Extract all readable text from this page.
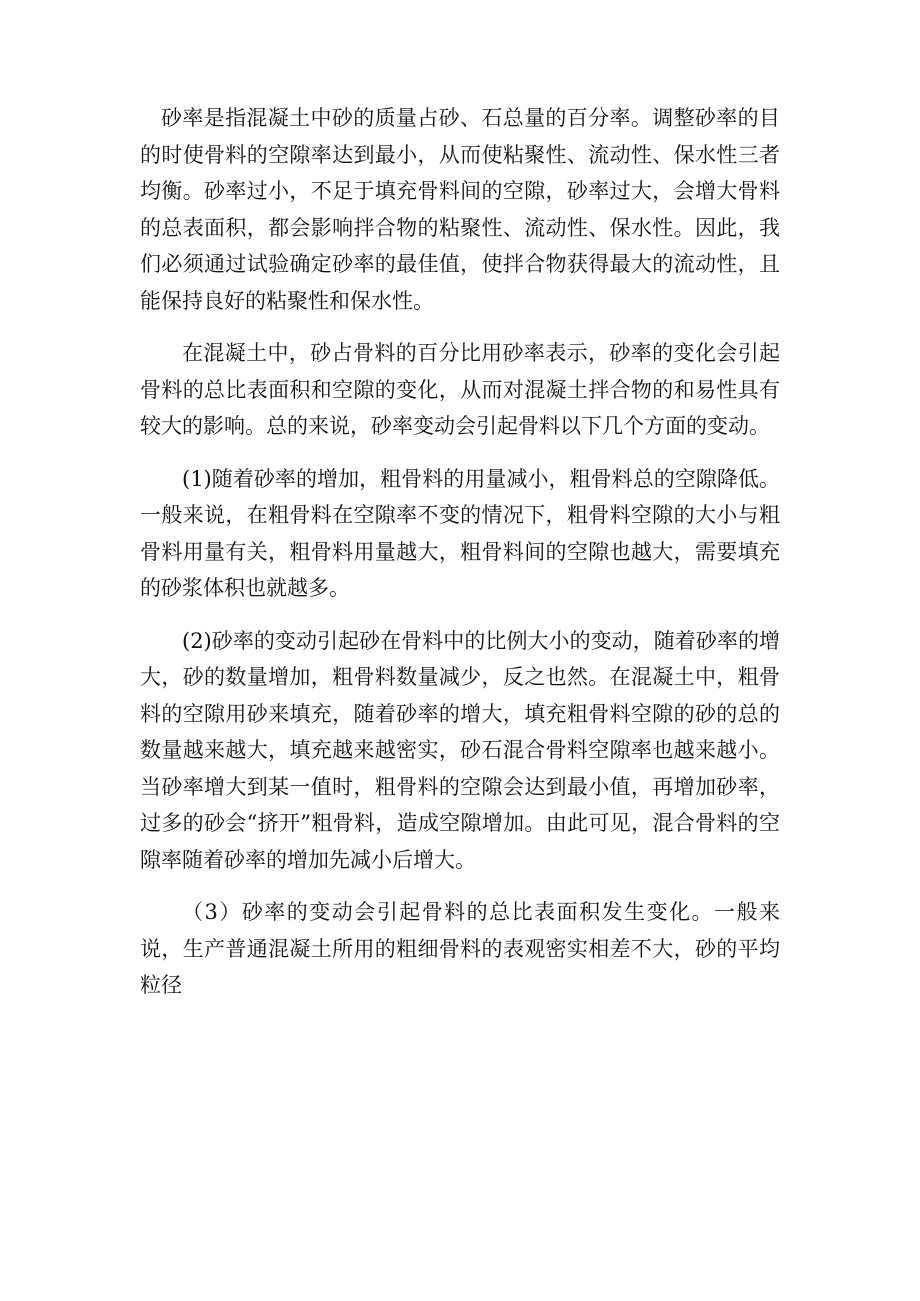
砂率是指混凝土中砂的质量占砂、石总量的百分率。调整砂率的目的时使骨料的空隙率达到最小，从而使粘聚性、流动性、保水性三者均衡。砂率过小，不足于填充骨料间的空隙，砂率过大，会增大骨料的总表面积，都会影响拌合物的粘聚性、流动性、保水性。因此，我们必须通过试验确定砂率的最佳值，使拌合物获得最大的流动性，且能保持良好的粘聚性和保水性。

在混凝土中，砂占骨料的百分比用砂率表示，砂率的变化会引起骨料的总比表面积和空隙的变化，从而对混凝土拌合物的和易性具有较大的影响。总的来说，砂率变动会引起骨料以下几个方面的变动。

(1)随着砂率的增加，粗骨料的用量减小，粗骨料总的空隙降低。一般来说，在粗骨料在空隙率不变的情况下，粗骨料空隙的大小与粗骨料用量有关，粗骨料用量越大，粗骨料间的空隙也越大，需要填充的砂浆体积也就越多。

(2)砂率的变动引起砂在骨料中的比例大小的变动，随着砂率的增大，砂的数量增加，粗骨料数量减少，反之也然。在混凝土中，粗骨料的空隙用砂来填充，随着砂率的增大，填充粗骨料空隙的砂的总的数量越来越大，填充越来越密实，砂石混合骨料空隙率也越来越小。当砂率增大到某一值时，粗骨料的空隙会达到最小值，再增加砂率，过多的砂会“挤开”粗骨料，造成空隙增加。由此可见，混合骨料的空隙率随着砂率的增加先减小后增大。

（3）砂率的变动会引起骨料的总比表面积发生变化。一般来说，生产普通混凝土所用的粗细骨料的表观密实相差不大，砂的平均粒径
